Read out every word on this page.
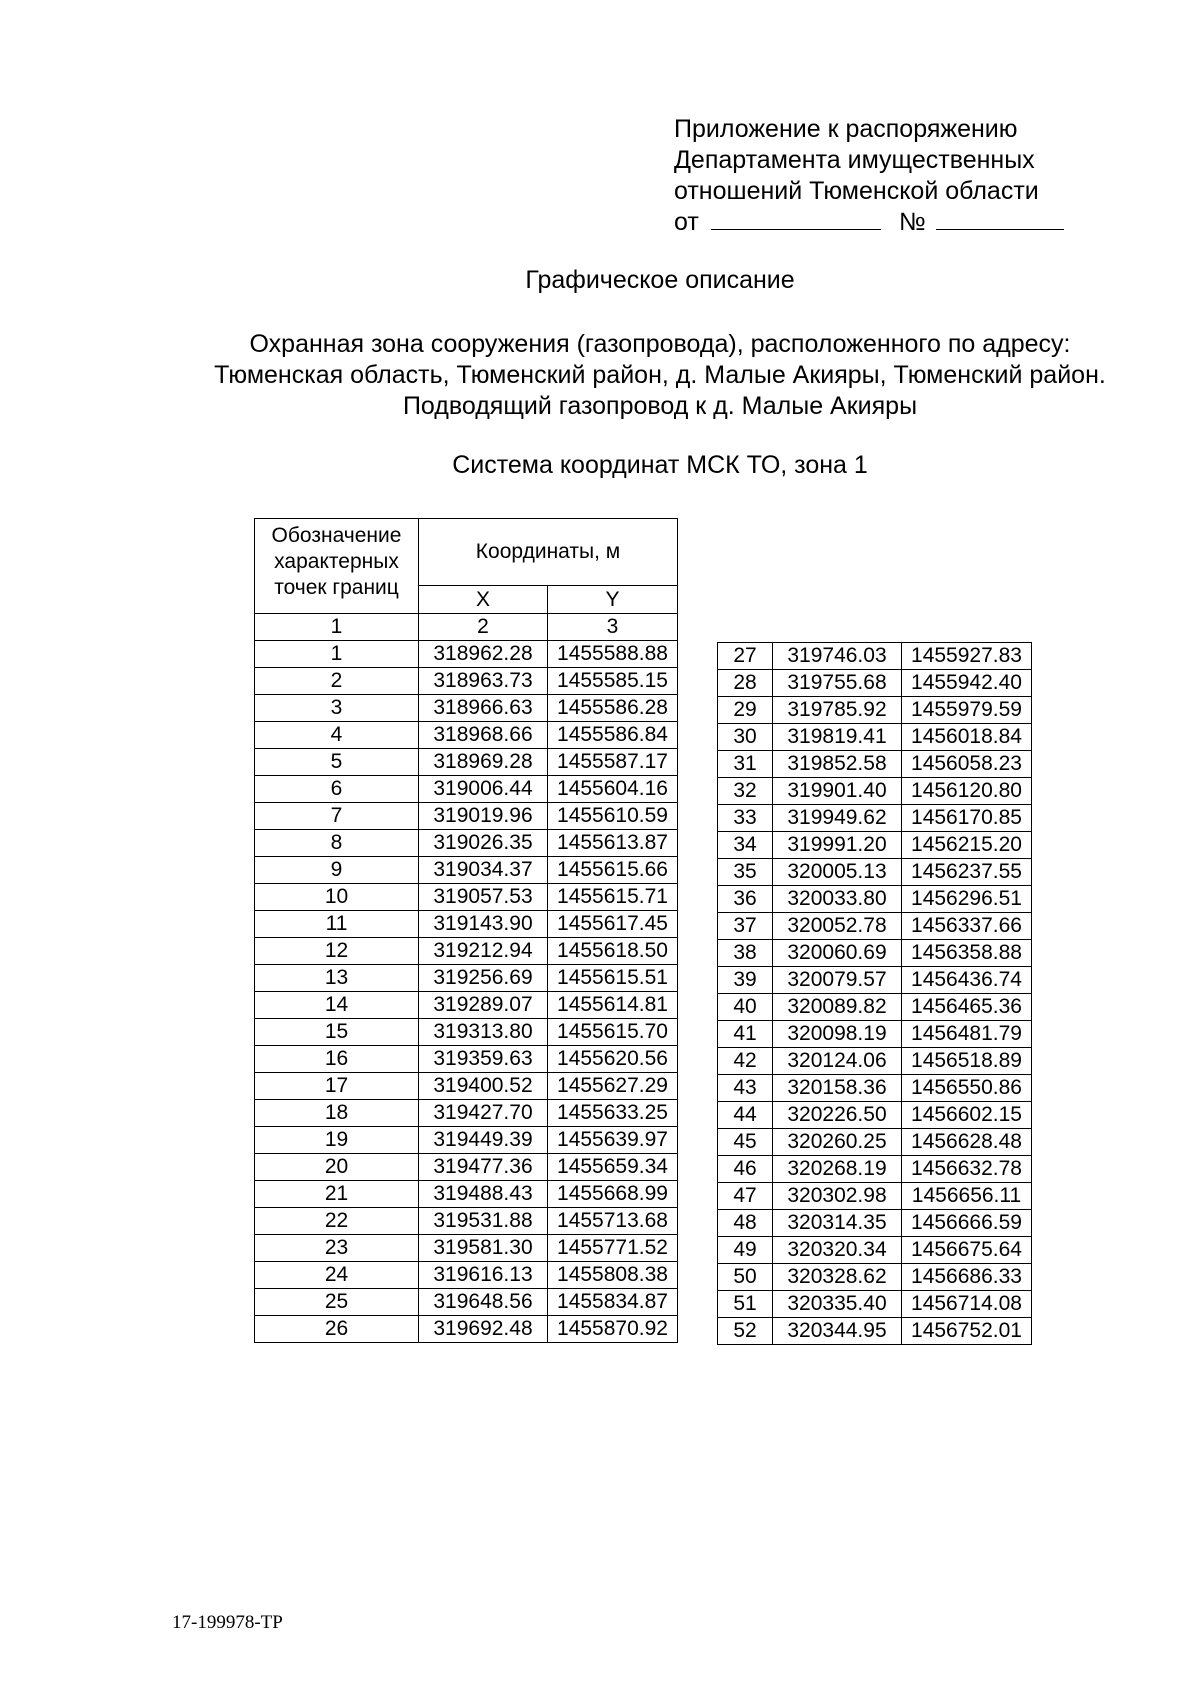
Приложение к распоряжению
Департамента имущественных
отношений Тюменской области
от	№
Графическое описание
Охранная зона сооружения (газопровода), расположенного по адресу:
Тюменская область, Тюменский район, д. Малые Акияры, Тюменский район.
Подводящий газопровод к д. Малые Акияры
Система координат МСК ТО, зона 1
Обозначение
характерных
точек границ	Координаты, м	
	X	Y
1	2	3
1	318962.28	1455588.88
2	318963.73	1455585.15
3	318966.63	1455586.28
4	318968.66	1455586.84
5	318969.28	1455587.17
6	319006.44	1455604.16
7	319019.96	1455610.59
8	319026.35	1455613.87
9	319034.37	1455615.66
10	319057.53	1455615.71
11	319143.90	1455617.45
12	319212.94	1455618.50
13	319256.69	1455615.51
14	319289.07	1455614.81
15	319313.80	1455615.70
16	319359.63	1455620.56
17	319400.52	1455627.29
18	319427.70	1455633.25
19	319449.39	1455639.97
20	319477.36	1455659.34
21	319488.43	1455668.99
22	319531.88	1455713.68
23	319581.30	1455771.52
24	319616.13	1455808.38
25	319648.56	1455834.87
26	319692.48	1455870.92
27	319746.03	1455927.83
28	319755.68	1455942.40
29	319785.92	1455979.59
30	319819.41	1456018.84
31	319852.58	1456058.23
32	319901.40	1456120.80
33	319949.62	1456170.85
34	319991.20	1456215.20
35	320005.13	1456237.55
36	320033.80	1456296.51
37	320052.78	1456337.66
38	320060.69	1456358.88
39	320079.57	1456436.74
40	320089.82	1456465.36
41	320098.19	1456481.79
42	320124.06	1456518.89
43	320158.36	1456550.86
44	320226.50	1456602.15
45	320260.25	1456628.48
46	320268.19	1456632.78
47	320302.98	1456656.11
48	320314.35	1456666.59
49	320320.34	1456675.64
50	320328.62	1456686.33
51	320335.40	1456714.08
52	320344.95	1456752.01
17-199978-TP
